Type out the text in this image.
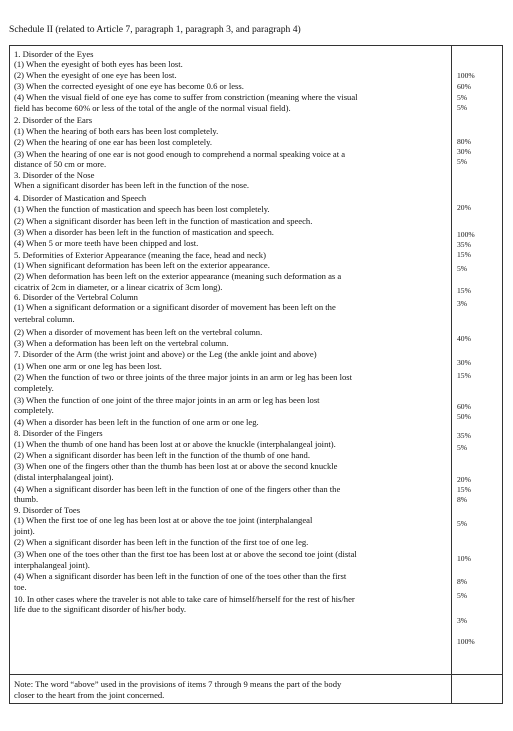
Schedule II (related to Article 7, paragraph 1, paragraph 3, and paragraph 4)
1. Disorder of the Eyes
(1) When the eyesight of both eyes has been lost.
(2) When the eyesight of one eye has been lost.
(3) When the corrected eyesight of one eye has become 0.6 or less.
(4) When the visual field of one eye has come to suffer from constriction (meaning where the visual
field has become 60% or less of the total of the angle of the normal visual field).
2. Disorder of the Ears
(1) When the hearing of both ears has been lost completely.
(2) When the hearing of one ear has been lost completely.
(3) When the hearing of one ear is not good enough to comprehend a normal speaking voice at a
distance of 50 cm or more.
3. Disorder of the Nose
When a significant disorder has been left in the function of the nose.
4. Disorder of Mastication and Speech
(1) When the function of mastication and speech has been lost completely.
(2) When a significant disorder has been left in the function of mastication and speech.
(3) When a disorder has been left in the function of mastication and speech.
(4) When 5 or more teeth have been chipped and lost.
5. Deformities of Exterior Appearance (meaning the face, head and neck)
(1) When significant deformation has been left on the exterior appearance.
(2) When deformation has been left on the exterior appearance (meaning such deformation as a
cicatrix of 2cm in diameter, or a linear cicatrix of 3cm long).
6. Disorder of the Vertebral Column
(1) When a significant deformation or a significant disorder of movement has been left on the
vertebral column.
(2) When a disorder of movement has been left on the vertebral column.
(3) When a deformation has been left on the vertebral column.
7. Disorder of the Arm (the wrist joint and above) or the Leg (the ankle joint and above)
(1) When one arm or one leg has been lost.
(2) When the function of two or three joints of the three major joints in an arm or leg has been lost
completely.
(3) When the function of one joint of the three major joints in an arm or leg has been lost
completely.
(4) When a disorder has been left in the function of one arm or one leg.
8. Disorder of the Fingers
(1) When the thumb of one hand has been lost at or above the knuckle (interphalangeal joint).
(2) When a significant disorder has been left in the function of the thumb of one hand.
(3) When one of the fingers other than the thumb has been lost at or above the second knuckle
(distal interphalangeal joint).
(4) When a significant disorder has been left in the function of one of the fingers other than the
thumb.
9. Disorder of Toes
(1) When the first toe of one leg has been lost at or above the toe joint (interphalangeal
joint).
(2) When a significant disorder has been left in the function of the first toe of one leg.
(3) When one of the toes other than the first toe has been lost at or above the second toe joint (distal
interphalangeal joint).
(4) When a significant disorder has been left in the function of one of the toes other than the first
toe.
10. In other cases where the traveler is not able to take care of himself/herself for the rest of his/her
life due to the significant disorder of his/her body.
100%
60%
5%
5%
80%
30%
5%
20%
100%
35%
15%
5%
15%
3%
40%
30%
15%
60%
50%
35%
5%
20%
15%
8%
5%
10%
8%
5%
3%
100%
Note: The word “above” used in the provisions of items 7 through 9 means the part of the body
closer to the heart from the joint concerned.
